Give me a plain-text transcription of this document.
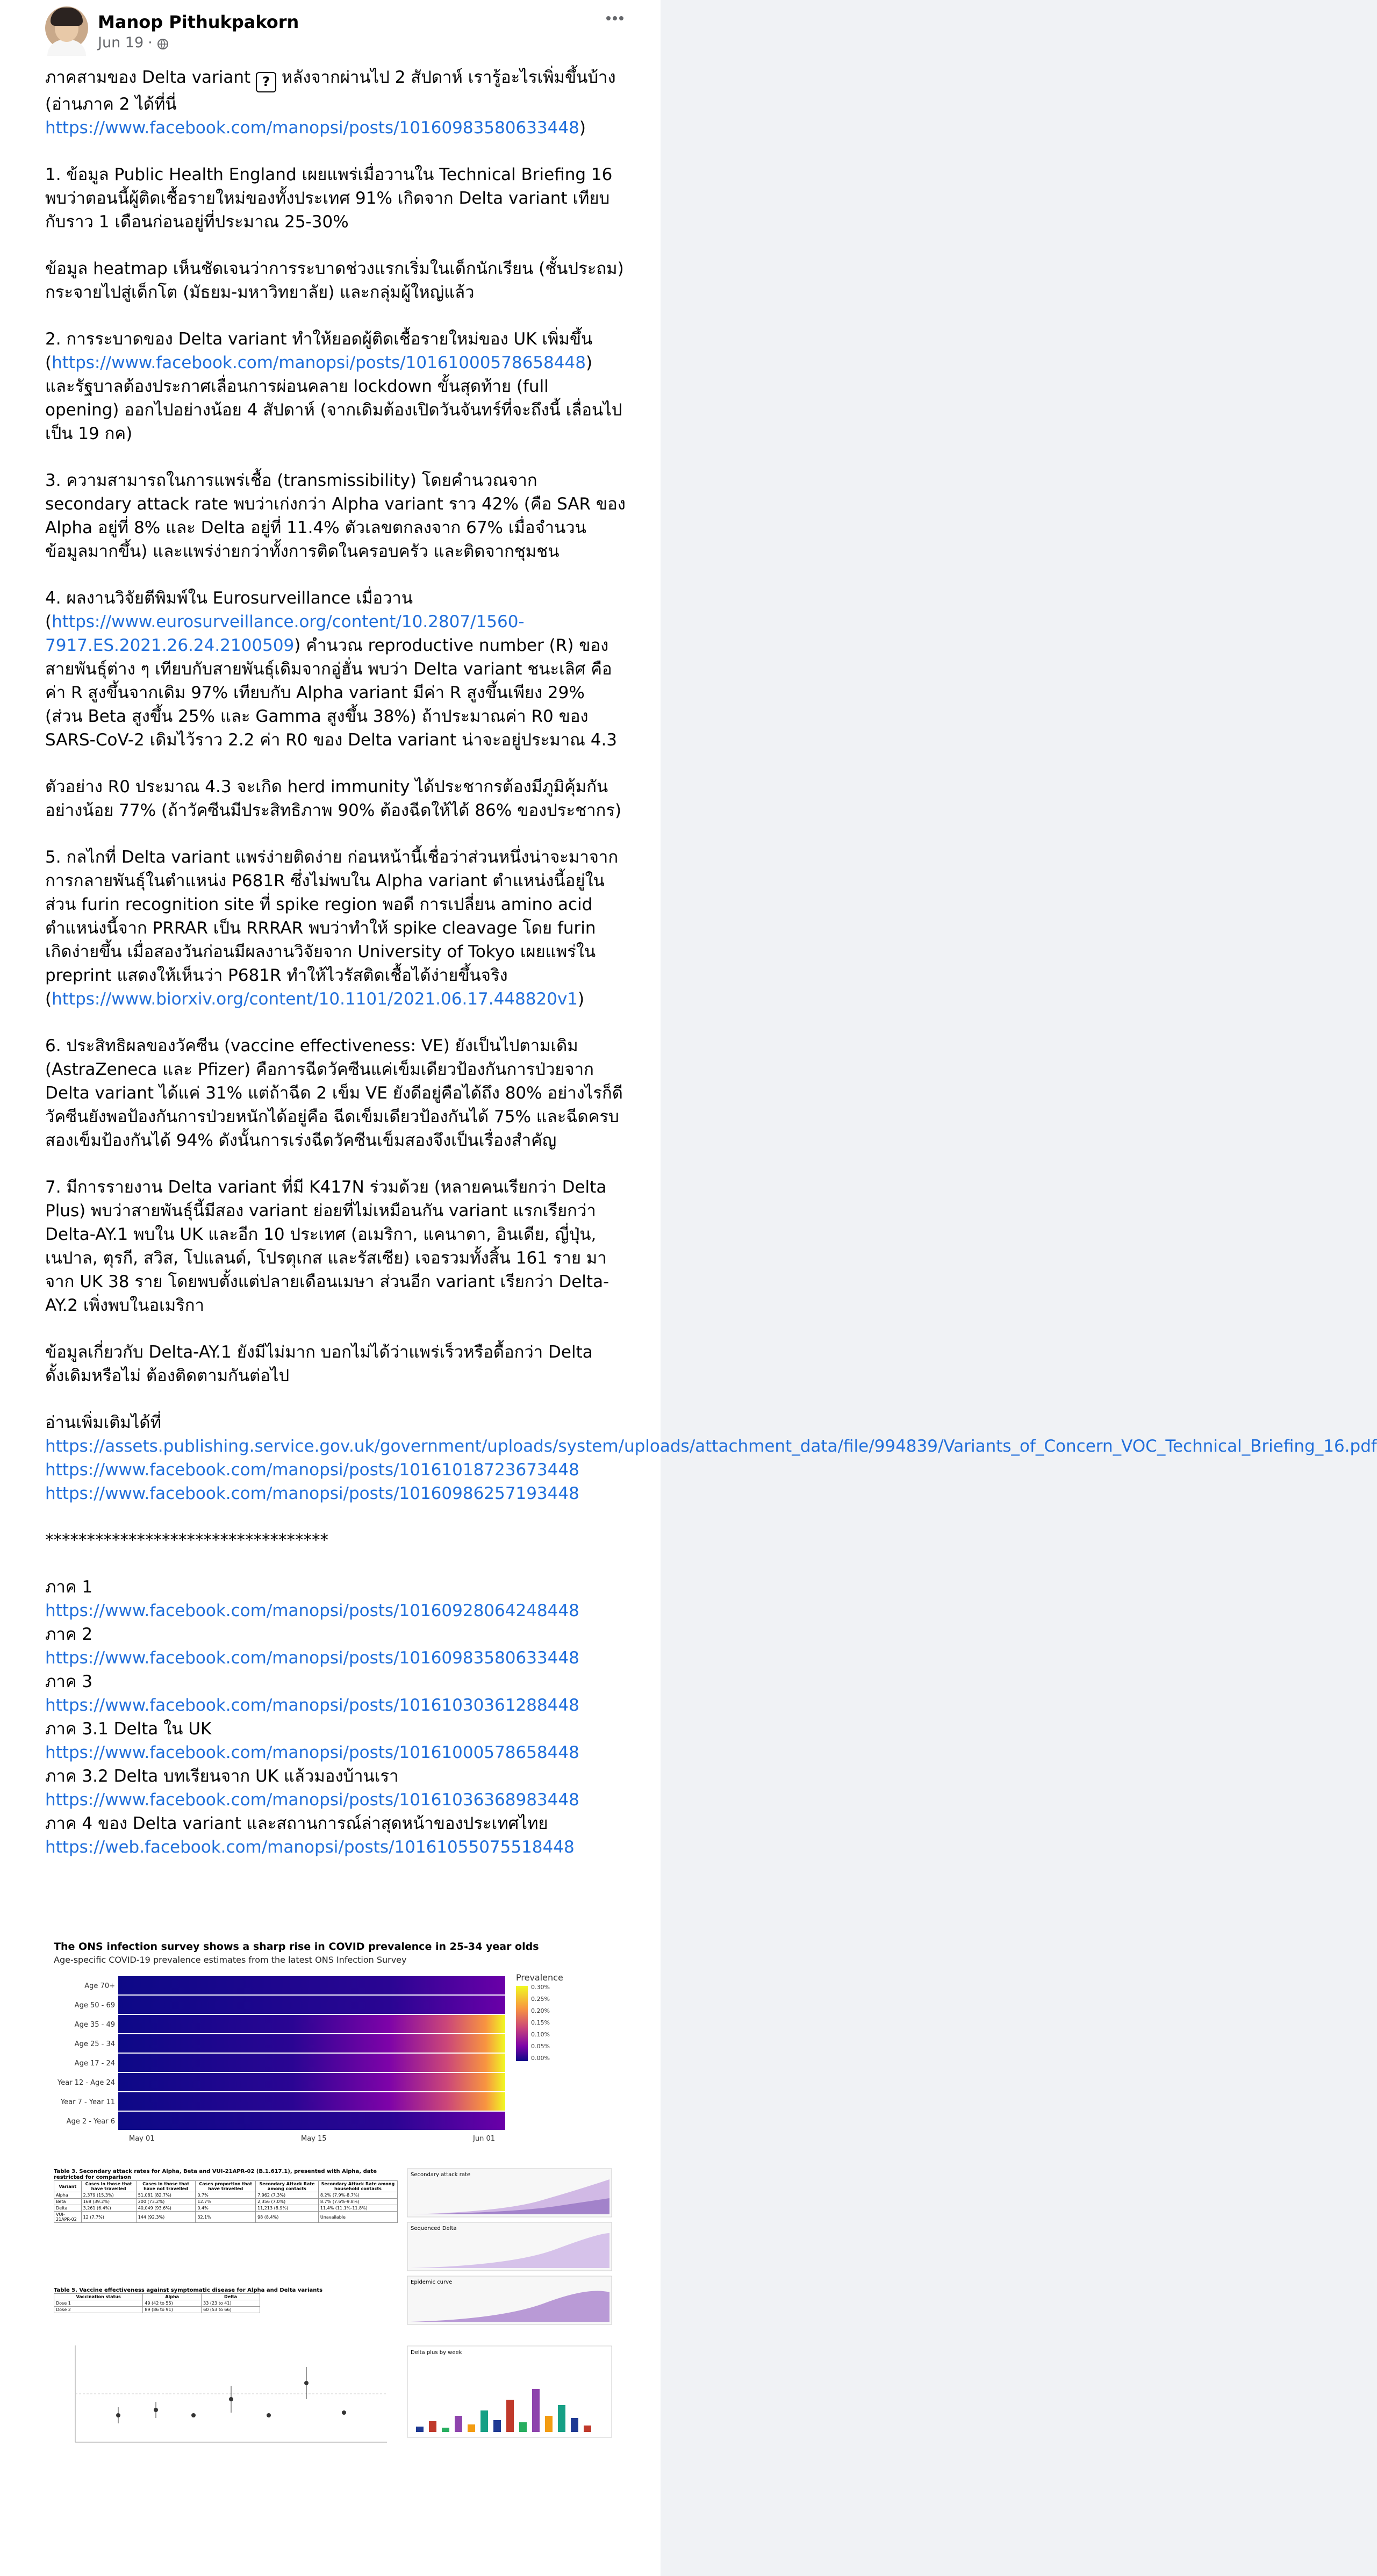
Manop Pithukpakorn
Jun 19 ·
ภาคสามของ Delta variant ? หลังจากผ่านไป 2 สัปดาห์ เรารู้อะไรเพิ่มขึ้นบ้าง (อ่านภาค 2 ได้ที่นี่ https://www.facebook.com/manopsi/posts/10160983580633448)
1. ข้อมูล Public Health England เผยแพร่เมื่อวานใน Technical Briefing 16 พบว่าตอนนี้ผู้ติดเชื้อรายใหม่ของทั้งประเทศ 91% เกิดจาก Delta variant เทียบกับราว 1 เดือนก่อนอยู่ที่ประมาณ 25-30%
ข้อมูล heatmap เห็นชัดเจนว่าการระบาดช่วงแรกเริ่มในเด็กนักเรียน (ชั้นประถม) กระจายไปสู่เด็กโต (มัธยม-มหาวิทยาลัย) และกลุ่มผู้ใหญ่แล้ว
2. การระบาดของ Delta variant ทำให้ยอดผู้ติดเชื้อรายใหม่ของ UK เพิ่มขึ้น (https://www.facebook.com/manopsi/posts/10161000578658448) และรัฐบาลต้องประกาศเลื่อนการผ่อนคลาย lockdown ขั้นสุดท้าย (full opening) ออกไปอย่างน้อย 4 สัปดาห์ (จากเดิมต้องเปิดวันจันทร์ที่จะถึงนี้ เลื่อนไปเป็น 19 กค)
3. ความสามารถในการแพร่เชื้อ (transmissibility) โดยคำนวณจาก secondary attack rate พบว่าเก่งกว่า Alpha variant ราว 42% (คือ SAR ของ Alpha อยู่ที่ 8% และ Delta อยู่ที่ 11.4% ตัวเลขตกลงจาก 67% เมื่อจำนวนข้อมูลมากขึ้น) และแพร่ง่ายกว่าทั้งการติดในครอบครัว และติดจากชุมชน
4. ผลงานวิจัยตีพิมพ์ใน Eurosurveillance เมื่อวาน (https://www.eurosurveillance.org/content/10.2807/1560-7917.ES.2021.26.24.2100509) คำนวณ reproductive number (R) ของสายพันธุ์ต่าง ๆ เทียบกับสายพันธุ์เดิมจากอู่ฮั่น พบว่า Delta variant ชนะเลิศ คือค่า R สูงขึ้นจากเดิม 97% เทียบกับ Alpha variant มีค่า R สูงขึ้นเพียง 29% (ส่วน Beta สูงขึ้น 25% และ Gamma สูงขึ้น 38%) ถ้าประมาณค่า R0 ของ SARS-CoV-2 เดิมไว้ราว 2.2 ค่า R0 ของ Delta variant น่าจะอยู่ประมาณ 4.3
ตัวอย่าง R0 ประมาณ 4.3 จะเกิด herd immunity ได้ประชากรต้องมีภูมิคุ้มกันอย่างน้อย 77% (ถ้าวัคซีนมีประสิทธิภาพ 90% ต้องฉีดให้ได้ 86% ของประชากร)
5. กลไกที่ Delta variant แพร่ง่ายติดง่าย ก่อนหน้านี้เชื่อว่าส่วนหนึ่งน่าจะมาจากการกลายพันธุ์ในตำแหน่ง P681R ซึ่งไม่พบใน Alpha variant ตำแหน่งนี้อยู่ในส่วน furin recognition site ที่ spike region พอดี การเปลี่ยน amino acid ตำแหน่งนี้จาก PRRAR เป็น RRRAR พบว่าทำให้ spike cleavage โดย furin เกิดง่ายขึ้น เมื่อสองวันก่อนมีผลงานวิจัยจาก University of Tokyo เผยแพร่ใน preprint แสดงให้เห็นว่า P681R ทำให้ไวรัสติดเชื้อได้ง่ายขึ้นจริง (https://www.biorxiv.org/content/10.1101/2021.06.17.448820v1)
6. ประสิทธิผลของวัคซีน (vaccine effectiveness: VE) ยังเป็นไปตามเดิม (AstraZeneca และ Pfizer) คือการฉีดวัคซีนแค่เข็มเดียวป้องกันการป่วยจาก Delta variant ได้แค่ 31% แต่ถ้าฉีด 2 เข็ม VE ยังดีอยู่คือได้ถึง 80% อย่างไรก็ดี วัคซีนยังพอป้องกันการป่วยหนักได้อยู่คือ ฉีดเข็มเดียวป้องกันได้ 75% และฉีดครบสองเข็มป้องกันได้ 94% ดังนั้นการเร่งฉีดวัคซีนเข็มสองจึงเป็นเรื่องสำคัญ
7. มีการรายงาน Delta variant ที่มี K417N ร่วมด้วย (หลายคนเรียกว่า Delta Plus) พบว่าสายพันธุ์นี้มีสอง variant ย่อยที่ไม่เหมือนกัน variant แรกเรียกว่า Delta-AY.1 พบใน UK และอีก 10 ประเทศ (อเมริกา, แคนาดา, อินเดีย, ญี่ปุ่น, เนปาล, ตุรกี, สวิส, โปแลนด์, โปรตุเกส และรัสเซีย) เจอรวมทั้งสิ้น 161 ราย มาจาก UK 38 ราย โดยพบตั้งแต่ปลายเดือนเมษา ส่วนอีก variant เรียกว่า Delta-AY.2 เพิ่งพบในอเมริกา
ข้อมูลเกี่ยวกับ Delta-AY.1 ยังมีไม่มาก บอกไม่ได้ว่าแพร่เร็วหรือดื้อกว่า Delta ดั้งเดิมหรือไม่ ต้องติดตามกันต่อไป
อ่านเพิ่มเติมได้ที่
https://assets.publishing.service.gov.uk/government/uploads/system/uploads/attachment_data/file/994839/Variants_of_Concern_VOC_Technical_Briefing_16.pdf
https://www.facebook.com/manopsi/posts/10161018723673448
https://www.facebook.com/manopsi/posts/10160986257193448
**********************************
ภาค 1 https://www.facebook.com/manopsi/posts/10160928064248448
ภาค 2 https://www.facebook.com/manopsi/posts/10160983580633448
ภาค 3 https://www.facebook.com/manopsi/posts/10161030361288448
ภาค 3.1 Delta ใน UK https://www.facebook.com/manopsi/posts/10161000578658448
ภาค 3.2 Delta บทเรียนจาก UK แล้วมองบ้านเรา https://www.facebook.com/manopsi/posts/10161036368983448
ภาค 4 ของ Delta variant และสถานการณ์ล่าสุดหน้าของประเทศไทย https://web.facebook.com/manopsi/posts/10161055075518448
The ONS infection survey shows a sharp rise in COVID prevalence in 25-34 year olds
Age-specific COVID-19 prevalence estimates from the latest ONS Infection Survey
Age 70+
Age 50 - 69
Age 35 - 49
Age 25 - 34
Age 17 - 24
Year 12 - Age 24
Year 7 - Year 11
Age 2 - Year 6
May 01	May 15	Jun 01
Prevalence
0.30%
0.25%
0.20%
0.15%
0.10%
0.05%
0.00%
Table 3. Secondary attack rates for Alpha, Beta and VUI-21APR-02 (B.1.617.1), presented with Alpha, date restricted for comparison
Variant	Cases in those that have travelled	Cases in those that have not travelled	Cases proportion that have travelled	Secondary Attack Rate among contacts	Secondary Attack Rate among household contacts
Alpha	2,379 (15.3%)	51,081 (82.7%)	0.7%	7,962 (7.3%)	8.2% (7.9%-8.7%)
Beta	168 (39.2%)	200 (73.2%)	12.7%	2,356 (7.0%)	8.7% (7.6%-9.8%)
Delta	3,261 (6.4%)	40,049 (93.6%)	0.4%	11,213 (8.9%)	11.4% (11.1%-11.8%)
VUI-21APR-02	12 (7.7%)	144 (92.3%)	32.1%	98 (8.4%)	Unavailable
Table 5. Vaccine effectiveness against symptomatic disease for Alpha and Delta variants
Vaccination status	Alpha	Delta
Dose 1	49 (42 to 55)	33 (23 to 41)
Dose 2	89 (86 to 91)	60 (53 to 66)
Secondary attack rate
Sequenced Delta
Epidemic curve
Delta plus by week
